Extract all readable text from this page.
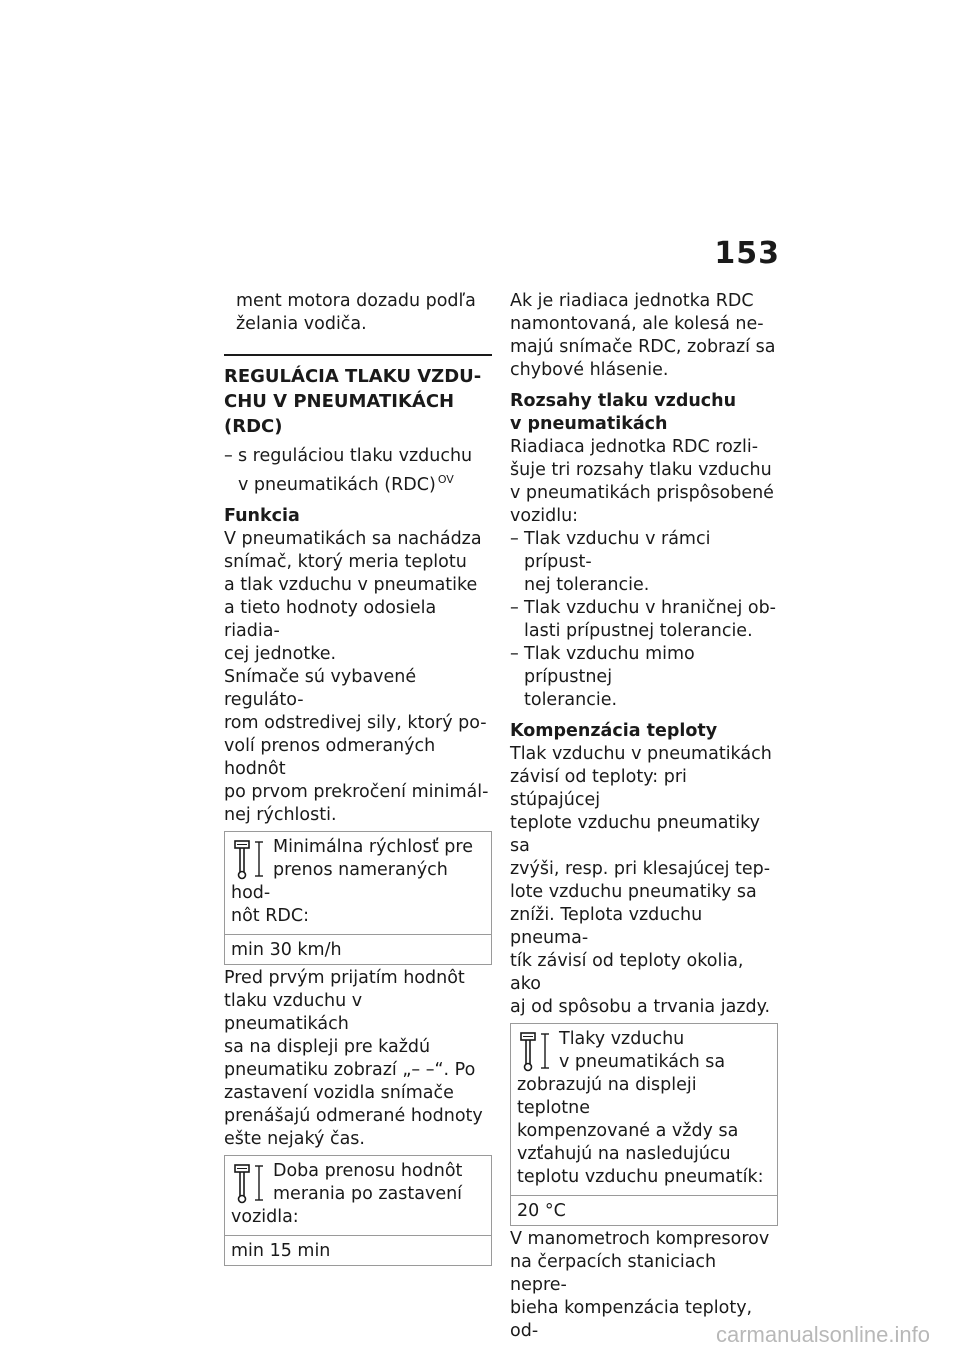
153
ment motora dozadu podľa
želania vodiča.
REGULÁCIA TLAKU VZDU-
CHU V PNEUMATIKÁCH
(RDC)
– s reguláciou tlaku vzduchu
v pneumatikách (RDC) $^{OV}$
Funkcia
V pneumatikách sa nachádza
snímač, ktorý meria teplotu
a tlak vzduchu v pneumatike
a tieto hodnoty odosiela riadia-
cej jednotke.
Snímače sú vybavené reguláto-
rom odstredivej sily, ktorý po-
volí prenos odmeraných hodnôt
po prvom prekročení minimál-
nej rýchlosti.
Minimálna rýchlosť pre
prenos nameraných hod-
nôt RDC:
min 30 km/h
Pred prvým prijatím hodnôt
tlaku vzduchu v pneumatikách
sa na displeji pre každú
pneumatiku zobrazí „– –“. Po
zastavení vozidla snímače
prenášajú odmerané hodnoty
ešte nejaký čas.
Doba prenosu hodnôt
merania po zastavení
vozidla:
min 15 min
Ak je riadiaca jednotka RDC
namontovaná, ale kolesá ne-
majú snímače RDC, zobrazí sa
chybové hlásenie.
Rozsahy tlaku vzduchu
v pneumatikách
Riadiaca jednotka RDC rozli-
šuje tri rozsahy tlaku vzduchu
v pneumatikách prispôsobené
vozidlu:
– Tlak vzduchu v rámci prípust-
nej tolerancie.
– Tlak vzduchu v hraničnej ob-
lasti prípustnej tolerancie.
– Tlak vzduchu mimo prípustnej
tolerancie.
Kompenzácia teploty
Tlak vzduchu v pneumatikách
závisí od teploty: pri stúpajúcej
teplote vzduchu pneumatiky sa
zvýši, resp. pri klesajúcej tep-
lote vzduchu pneumatiky sa
zníži. Teplota vzduchu pneuma-
tík závisí od teploty okolia, ako
aj od spôsobu a trvania jazdy.
Tlaky vzduchu
v pneumatikách sa
zobrazujú na displeji teplotne
kompenzované a vždy sa
vzťahujú na nasledujúcu
teplotu vzduchu pneumatík:
20 °C
V manometroch kompresorov
na čerpacích staniciach nepre-
bieha kompenzácia teploty, od-	carmanualsonline.info
